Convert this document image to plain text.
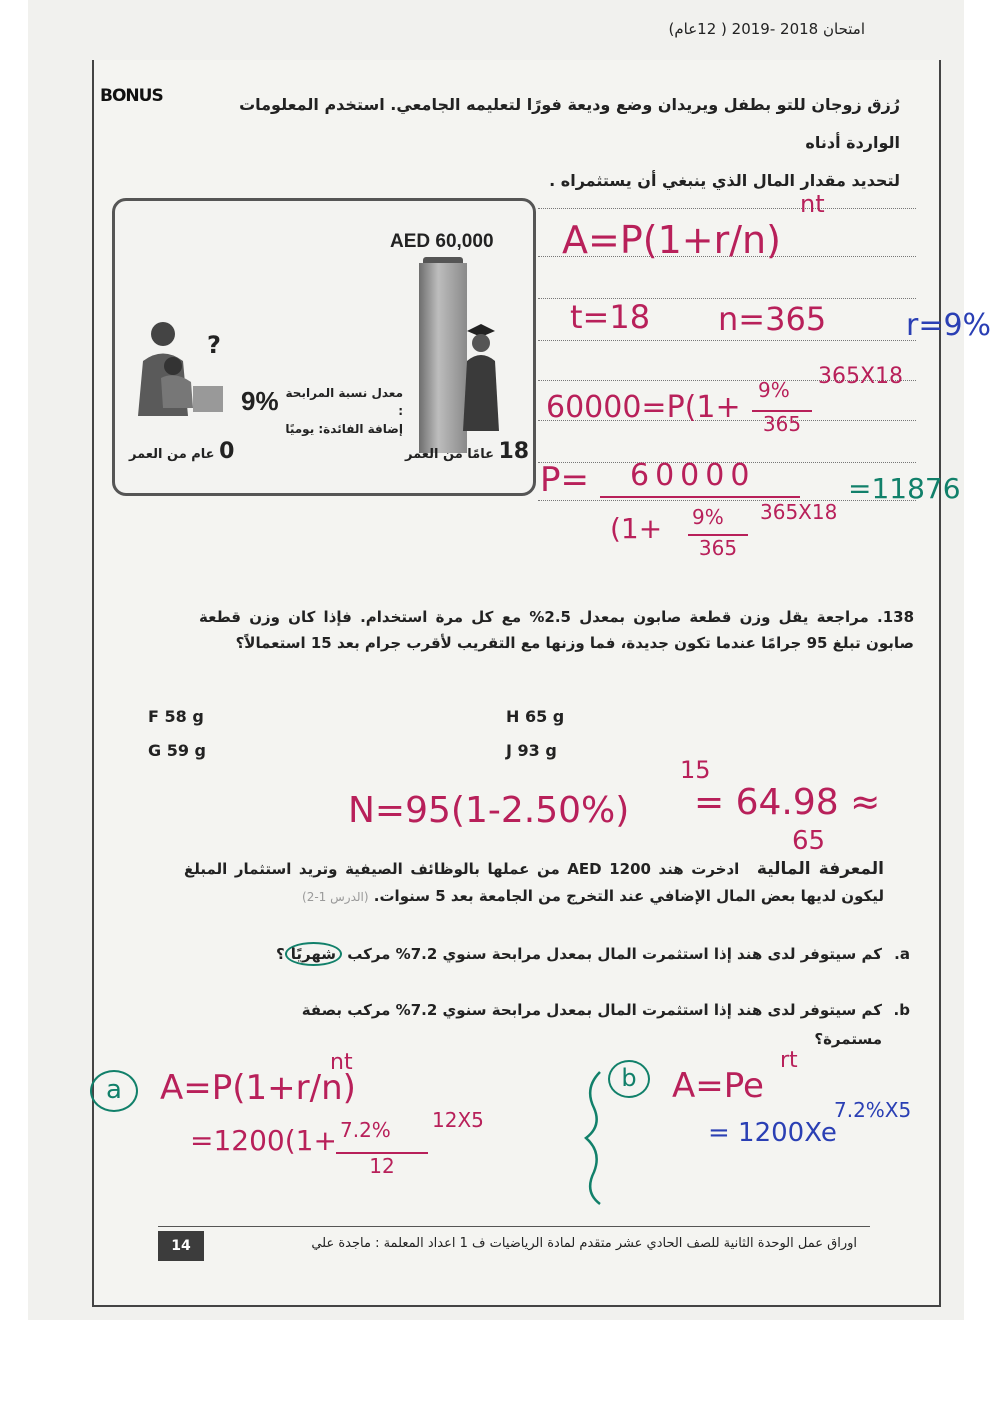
امتحان 2018 -2019 ( 12عام)
BONUS	رُزق زوجان للتو بطفل ويريدان وضع وديعة فورًا لتعليمه الجامعي. استخدم المعلومات الواردة أدناه
لتحديد مقدار المال الذي ينبغي أن يستثمراه .
AED 60,000
?
9% معدل نسبة المرابحة :
إضافة الفائدة: يوميًا
0 عام من العمر	18 عامًا من العمر
A=P(1+r/n)
nt
t=18 n=365	r=9%
60000=P(1+ 9%
365
365X18
P= 60000
(1+ 9%
365
365X18
=11876
138. مراجعة يقل وزن قطعة صابون بمعدل 2.5% مع كل مرة استخدام. فإذا كان وزن قطعة صابون تبلغ 95 جرامًا عندما تكون جديدة، فما وزنها مع التقريب لأقرب جرام بعد 15 استعمالاً؟
F 58 g
G 59 g
H 65 g
J 93 g
N=95(1-2.50%)
15
= 64.98 ≈
65
المعرفة المالية ادخرت هند AED 1200 من عملها بالوظائف الصيفية وتريد استثمار المبلغ ليكون لديها بعض المال الإضافي عند التخرج من الجامعة بعد 5 سنوات. (الدرس 1-2)
a.
كم سيتوفر لدى هند إذا استثمرت المال بمعدل مرابحة سنوي 7.2% مركب شهريًا؟
b.
كم سيتوفر لدى هند إذا استثمرت المال بمعدل مرابحة سنوي 7.2% مركب بصفة مستمرة؟
a	A=P(1+r/n)
nt
=1200(1+ 7.2%
12
12X5
b	A=Pe
rt
= 1200Xe
7.2%X5
اوراق عمل الوحدة الثانية للصف الحادي عشر متقدم لمادة الرياضيات ف 1 اعداد المعلمة : ماجدة علي
14
